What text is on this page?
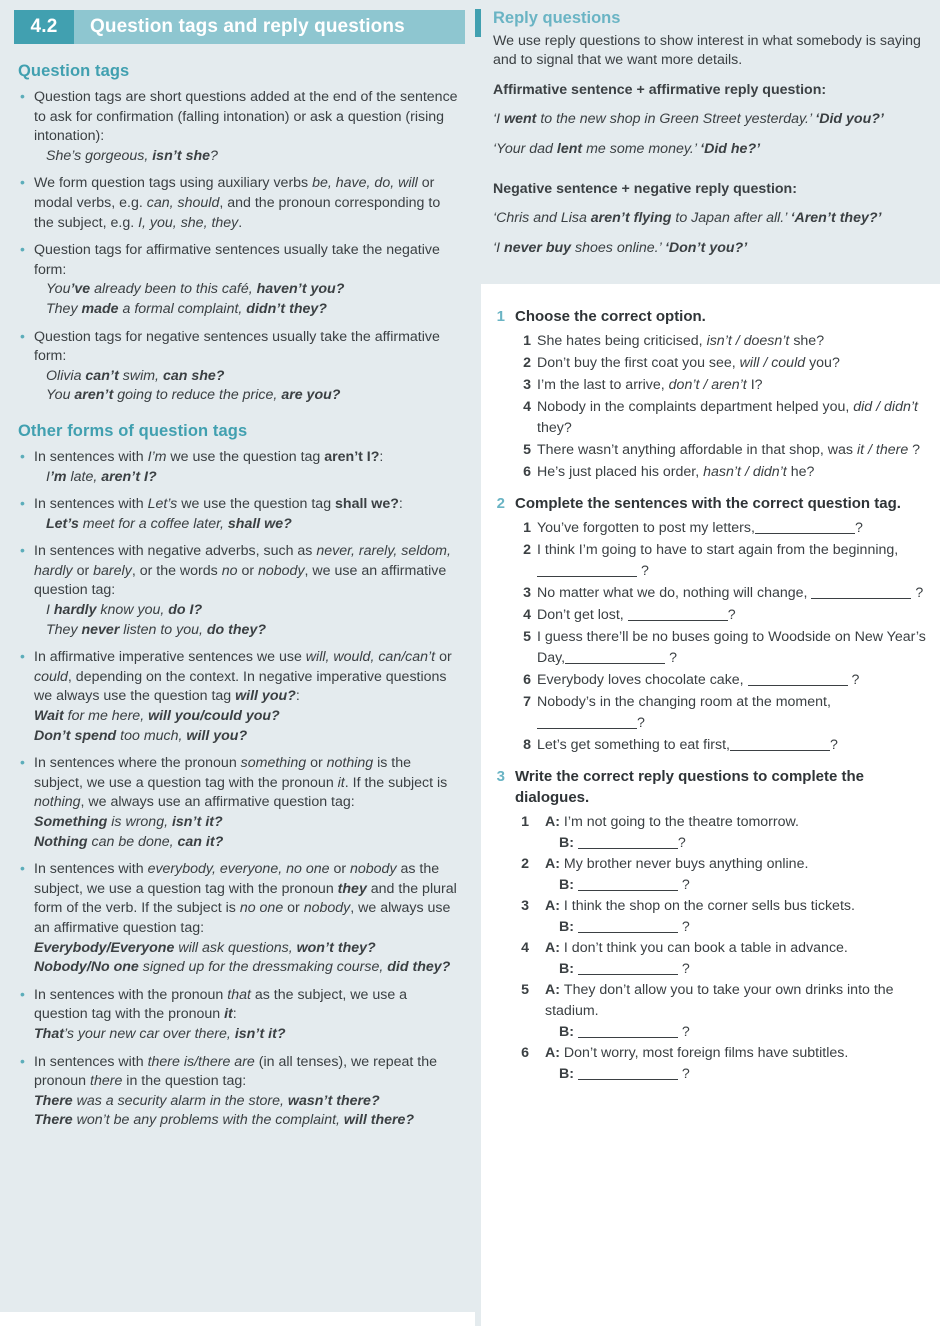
4.2	Question tags and reply questions
Question tags
• Question tags are short questions added at the end of the sentence to ask for confirmation (falling intonation) or ask a question (rising intonation):
She’s gorgeous, isn’t she?
• We form question tags using auxiliary verbs be, have, do, will or modal verbs, e.g. can, should, and the pronoun corresponding to the subject, e.g. I, you, she, they.
• Question tags for affirmative sentences usually take the negative form:
You’ve already been to this café, haven’t you?
They made a formal complaint, didn’t they?
• Question tags for negative sentences usually take the affirmative form:
Olivia can’t swim, can she?
You aren’t going to reduce the price, are you?
Other forms of question tags
• In sentences with I’m we use the question tag aren’t I?:
I’m late, aren’t I?
• In sentences with Let’s we use the question tag shall we?:
Let’s meet for a coffee later, shall we?
• In sentences with negative adverbs, such as never, rarely, seldom, hardly or barely, or the words no or nobody, we use an affirmative question tag:
I hardly know you, do I?
They never listen to you, do they?
• In affirmative imperative sentences we use will, would, can/can’t or could, depending on the context. In negative imperative questions we always use the question tag will you?:
Wait for me here, will you/could you?
Don’t spend too much, will you?
• In sentences where the pronoun something or nothing is the subject, we use a question tag with the pronoun it. If the subject is nothing, we always use an affirmative question tag:
Something is wrong, isn’t it?
Nothing can be done, can it?
• In sentences with everybody, everyone, no one or nobody as the subject, we use a question tag with the pronoun they and the plural form of the verb. If the subject is no one or nobody, we always use an affirmative question tag:
Everybody/Everyone will ask questions, won’t they?
Nobody/No one signed up for the dressmaking course, did they?
• In sentences with the pronoun that as the subject, we use a question tag with the pronoun it:
That’s your new car over there, isn’t it?
• In sentences with there is/there are (in all tenses), we repeat the pronoun there in the question tag:
There was a security alarm in the store, wasn’t there?
There won’t be any problems with the complaint, will there?
Reply questions

We use reply questions to show interest in what somebody is saying and to signal that we want more details.

Affirmative sentence + affirmative reply question:

‘I went to the new shop in Green Street yesterday.’ ‘Did you?’

‘Your dad lent me some money.’ ‘Did he?’

Negative sentence + negative reply question:

‘Chris and Lisa aren’t flying to Japan after all.’ ‘Aren’t they?’

‘I never buy shoes online.’ ‘Don’t you?’

1 Choose the correct option.

1 She hates being criticised, isn’t / doesn’t she?
2 Don’t buy the first coat you see, will / could you?
3 I’m the last to arrive, don’t / aren’t I?
4 Nobody in the complaints department helped you, did / didn’t they?
5 There wasn’t anything affordable in that shop, was it / there ?
6 He’s just placed his order, hasn’t / didn’t he?
2 Complete the sentences with the correct question tag.

1 You’ve forgotten to post my letters,	?
2 I think I’m going to have to start again from the beginning,  ?
3 No matter what we do, nothing will change,	?
4 Don’t get lost,	?
5 I guess there’ll be no buses going to Woodside on New Year’s Day,	?
6 Everybody loves chocolate cake,	?
7 Nobody’s in the changing room at the moment, ?
8 Let’s get something to eat first,	?
3 Write the correct reply questions to complete the dialogues.

1 A: I’m not going to the theatre tomorrow.
B:	?
2 A: My brother never buys anything online.
B:	?
3 A: I think the shop on the corner sells bus tickets.
B:	?
4 A: I don’t think you can book a table in advance.
B:	?
5 A: They don’t allow you to take your own drinks into the stadium.
B:	?
6 A: Don’t worry, most foreign films have subtitles.
B:	?
